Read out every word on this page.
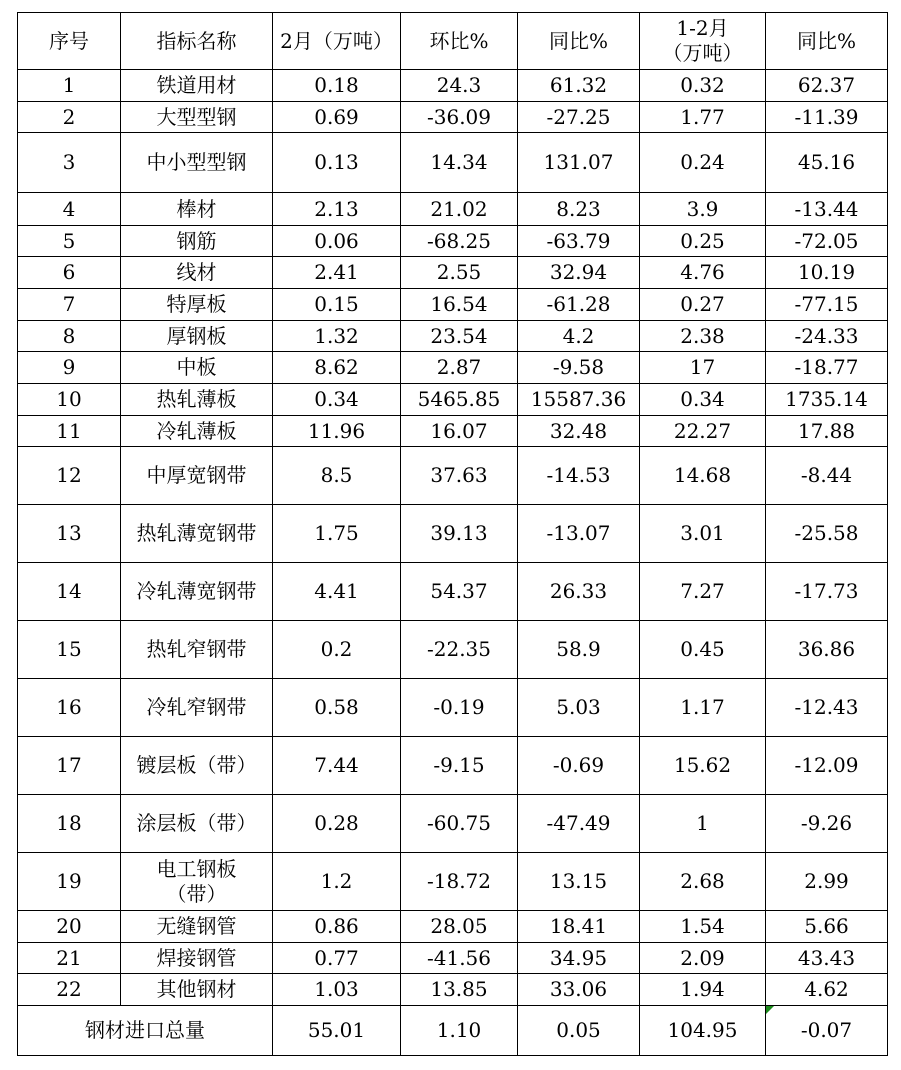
序号	指标名称	2月（万吨）	环比%	同比%	1-2月（万吨）	同比%
1	铁道用材	0.18	24.3	61.32	0.32	62.37
2	大型型钢	0.69	-36.09	-27.25	1.77	-11.39
3	中小型型钢	0.13	14.34	131.07	0.24	45.16
4	棒材	2.13	21.02	8.23	3.9	-13.44
5	钢筋	0.06	-68.25	-63.79	0.25	-72.05
6	线材	2.41	2.55	32.94	4.76	10.19
7	特厚板	0.15	16.54	-61.28	0.27	-77.15
8	厚钢板	1.32	23.54	4.2	2.38	-24.33
9	中板	8.62	2.87	-9.58	17	-18.77
10	热轧薄板	0.34	5465.85	15587.36	0.34	1735.14
11	冷轧薄板	11.96	16.07	32.48	22.27	17.88
12	中厚宽钢带	8.5	37.63	-14.53	14.68	-8.44
13	热轧薄宽钢带	1.75	39.13	-13.07	3.01	-25.58
14	冷轧薄宽钢带	4.41	54.37	26.33	7.27	-17.73
15	热轧窄钢带	0.2	-22.35	58.9	0.45	36.86
16	冷轧窄钢带	0.58	-0.19	5.03	1.17	-12.43
17	镀层板（带）	7.44	-9.15	-0.69	15.62	-12.09
18	涂层板（带）	0.28	-60.75	-47.49	1	-9.26
19	电工钢板（带）	1.2	-18.72	13.15	2.68	2.99
20	无缝钢管	0.86	28.05	18.41	1.54	5.66
21	焊接钢管	0.77	-41.56	34.95	2.09	43.43
22	其他钢材	1.03	13.85	33.06	1.94	4.62
钢材进口总量		55.01	1.10	0.05	104.95	-0.07
